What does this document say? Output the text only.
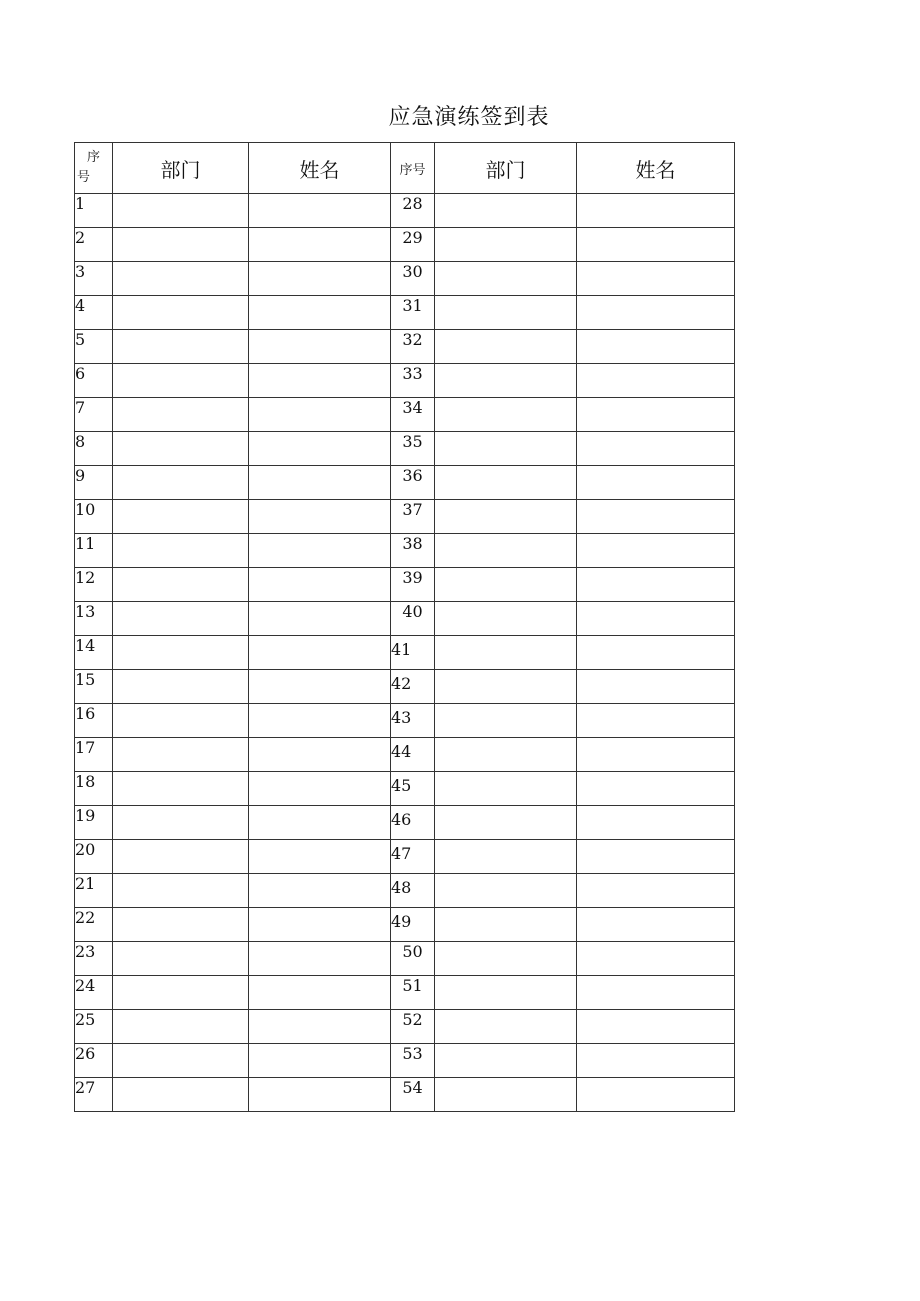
应急演练签到表
序
号	部门	姓名	序号	部门	姓名
1			28		
2			29		
3			30		
4			31		
5			32		
6			33		
7			34		
8			35		
9			36		
10			37		
11			38		
12			39		
13			40		
14			41		
15			42		
16			43		
17			44		
18			45		
19			46		
20			47		
21			48		
22			49		
23			50		
24			51		
25			52		
26			53		
27			54		
